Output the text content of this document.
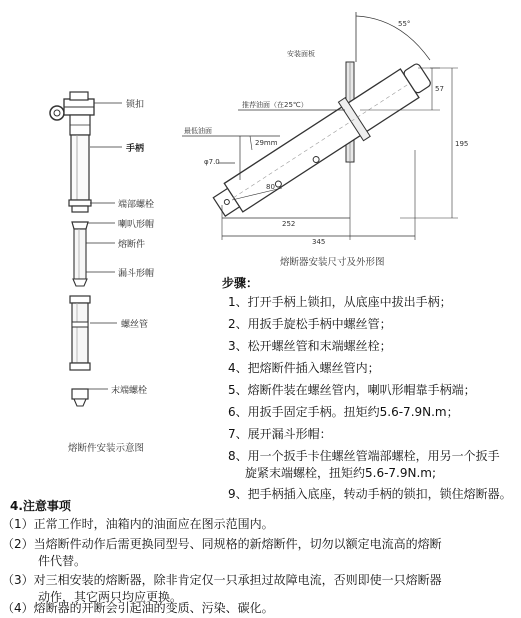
锁扣
手柄
端部螺栓
喇叭形帽
熔断件
漏斗形帽
螺丝管
末端螺栓
熔断件安装示意图
安装面板
推荐油面（在25℃）
最低油面
29mm
φ7.0
80
252
345
55°
57
195
熔断器安装尺寸及外形图
步骤：
1、打开手柄上锁扣，从底座中拔出手柄；
2、用扳手旋松手柄中螺丝管；
3、松开螺丝管和末端螺丝栓；
4、把熔断件插入螺丝管内；
5、熔断件装在螺丝管内，喇叭形帽靠手柄端；
6、用扳手固定手柄。扭矩约5.6-7.9N.m；
7、展开漏斗形帽：
8、用一个扳手卡住螺丝管端部螺栓，用另一个扳手
旋紧末端螺栓，扭矩约5.6-7.9N.m;
9、把手柄插入底座，转动手柄的锁扣，锁住熔断器。
4.注意事项
（1）正常工作时，油箱内的油面应在图示范围内。
（2）当熔断件动作后需更换同型号、同规格的新熔断件，切勿以额定电流高的熔断
件代替。
（3）对三相安装的熔断器，除非肯定仅一只承担过故障电流，否则即使一只熔断器
动作，其它两只均应更换。
（4）熔断器的开断会引起油的变质、污染、碳化。
